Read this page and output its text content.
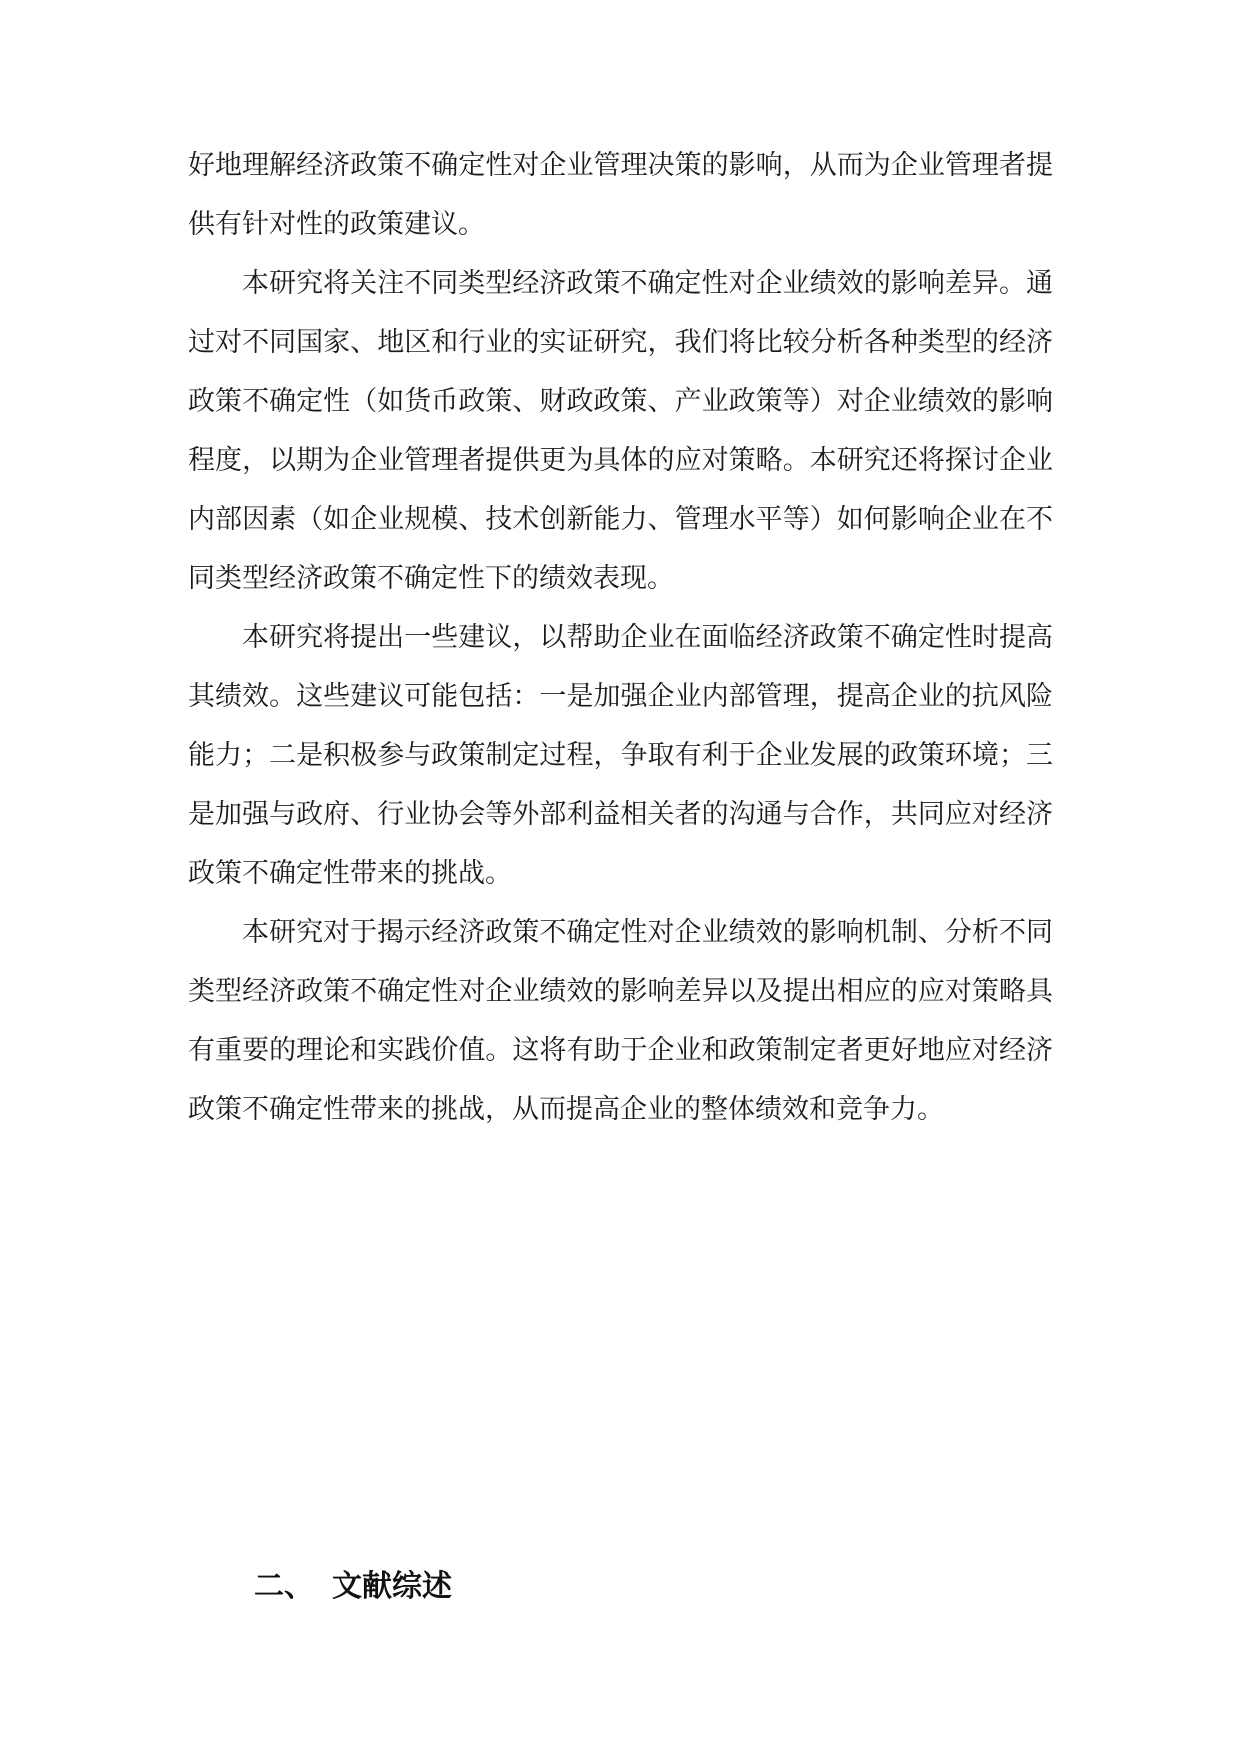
好地理解经济政策不确定性对企业管理决策的影响，从而为企业管理者提供有针对性的政策建议。

本研究将关注不同类型经济政策不确定性对企业绩效的影响差异。通过对不同国家、地区和行业的实证研究，我们将比较分析各种类型的经济政策不确定性（如货币政策、财政政策、产业政策等）对企业绩效的影响程度，以期为企业管理者提供更为具体的应对策略。本研究还将探讨企业内部因素（如企业规模、技术创新能力、管理水平等）如何影响企业在不同类型经济政策不确定性下的绩效表现。

本研究将提出一些建议，以帮助企业在面临经济政策不确定性时提高其绩效。这些建议可能包括：一是加强企业内部管理，提高企业的抗风险能力；二是积极参与政策制定过程，争取有利于企业发展的政策环境；三是加强与政府、行业协会等外部利益相关者的沟通与合作，共同应对经济政策不确定性带来的挑战。

本研究对于揭示经济政策不确定性对企业绩效的影响机制、分析不同类型经济政策不确定性对企业绩效的影响差异以及提出相应的应对策略具有重要的理论和实践价值。这将有助于企业和政策制定者更好地应对经济政策不确定性带来的挑战，从而提高企业的整体绩效和竞争力。

二、 文献综述
